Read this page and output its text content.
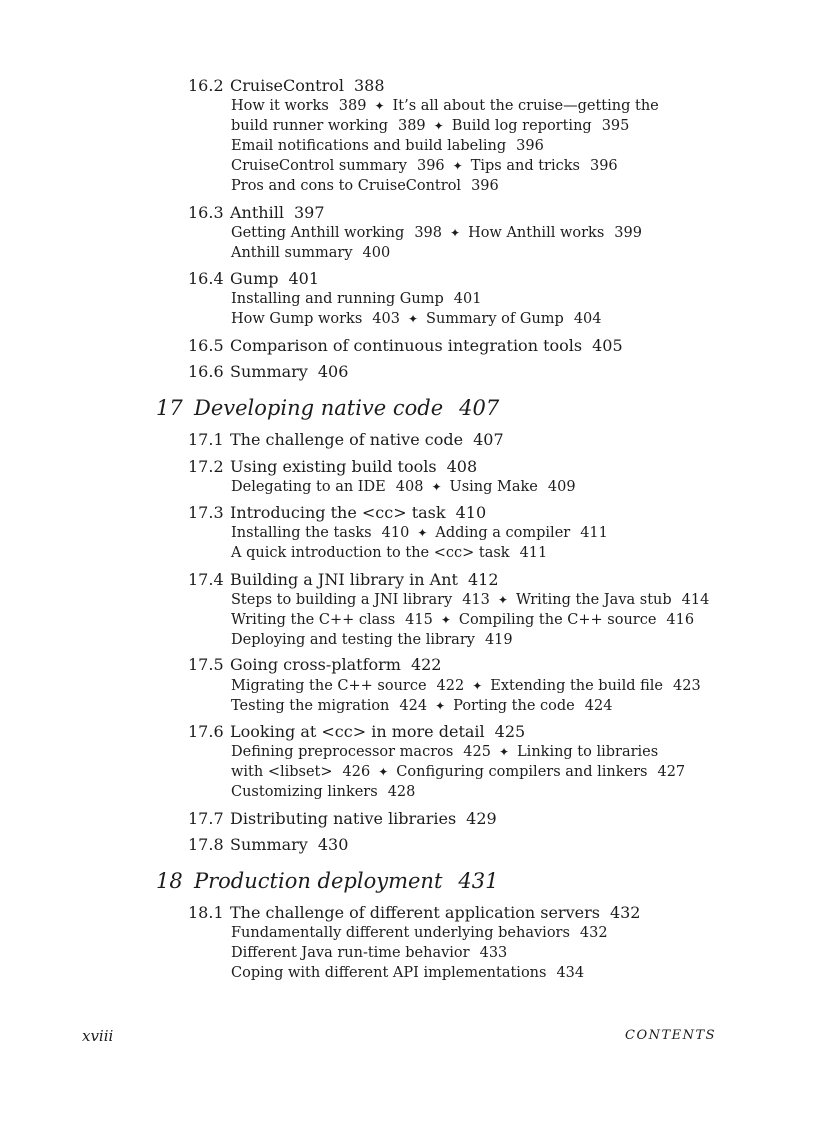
16.2 CruiseControl 388
How it works 389 ✦ It’s all about the cruise—getting the
build runner working 389 ✦ Build log reporting 395
Email notifications and build labeling 396
CruiseControl summary 396 ✦ Tips and tricks 396
Pros and cons to CruiseControl 396
16.3 Anthill 397
Getting Anthill working 398 ✦ How Anthill works 399
Anthill summary 400
16.4 Gump 401
Installing and running Gump 401
How Gump works 403 ✦ Summary of Gump 404
16.5 Comparison of continuous integration tools 405
16.6 Summary 406
17 Developing native code 407
17.1 The challenge of native code 407
17.2 Using existing build tools 408
Delegating to an IDE 408 ✦ Using Make 409
17.3 Introducing the <cc> task 410
Installing the tasks 410 ✦ Adding a compiler 411
A quick introduction to the <cc> task 411
17.4 Building a JNI library in Ant 412
Steps to building a JNI library 413 ✦ Writing the Java stub 414
Writing the C++ class 415 ✦ Compiling the C++ source 416
Deploying and testing the library 419
17.5 Going cross-platform 422
Migrating the C++ source 422 ✦ Extending the build file 423
Testing the migration 424 ✦ Porting the code 424
17.6 Looking at <cc> in more detail 425
Defining preprocessor macros 425 ✦ Linking to libraries
with <libset> 426 ✦ Configuring compilers and linkers 427
Customizing linkers 428
17.7 Distributing native libraries 429
17.8 Summary 430
18 Production deployment 431
18.1 The challenge of different application servers 432
Fundamentally different underlying behaviors 432
Different Java run-time behavior 433
Coping with different API implementations 434
xviii	CONTENTS
